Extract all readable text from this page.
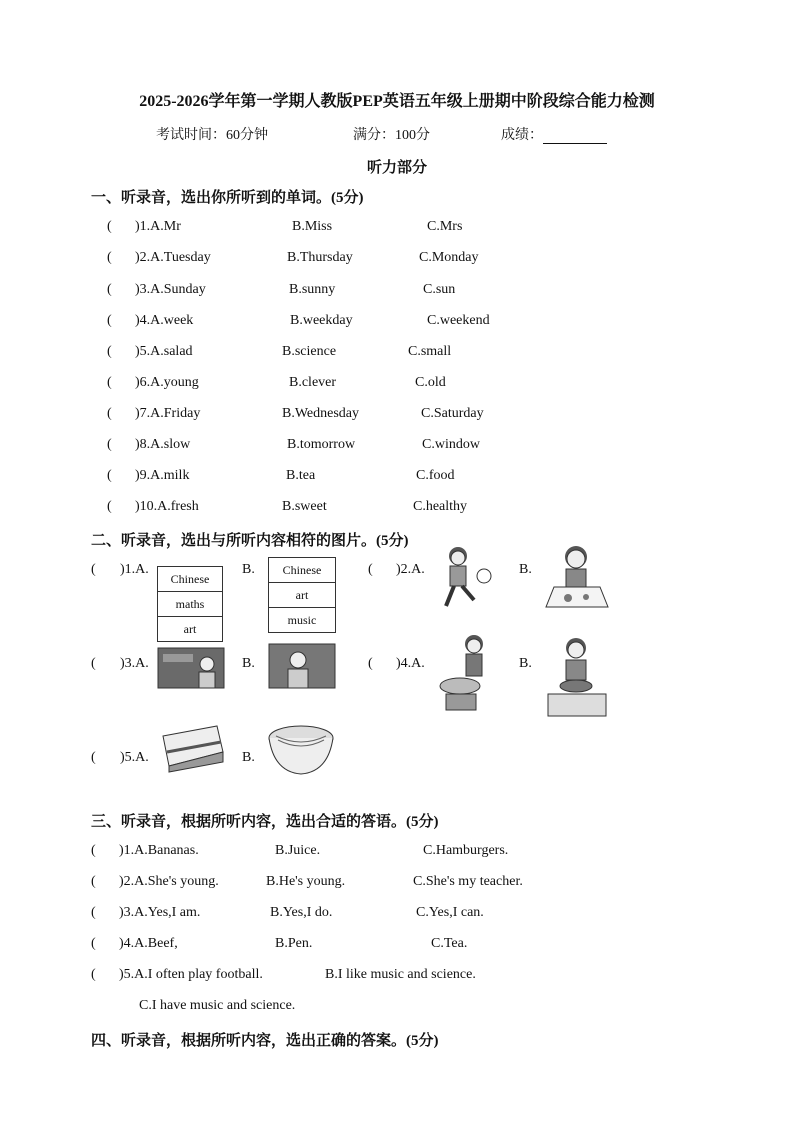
2025-2026学年第一学期人教版PEP英语五年级上册期中阶段综合能力检测
考试时间：60分钟	满分：100分	成绩：
听力部分
一、听录音，选出你所听到的单词。(5分)
( )1.A.Mr	B.Miss	C.Mrs
( )2.A.Tuesday	B.Thursday	C.Monday
( )3.A.Sunday	B.sunny	C.sun
( )4.A.week	B.weekday	C.weekend
( )5.A.salad	B.science	C.small
( )6.A.young	B.clever	C.old
( )7.A.Friday	B.Wednesday	C.Saturday
( )8.A.slow	B.tomorrow	C.window
( )9.A.milk	B.tea	C.food
( )10.A.fresh	B.sweet	C.healthy
二、听录音，选出与所听内容相符的图片。(5分)
( )1.A.
Chinese
maths
art
B.	Chinese
art
music
( )2.A.	B.
( )3.A.	B.	( )4.A.	B.
( )5.A.	B.
三、听录音，根据所听内容，选出合适的答语。(5分)
( )1.A.Bananas.	B.Juice.	C.Hamburgers.
( )2.A.She's young.	B.He's young.	C.She's my teacher.
( )3.A.Yes,I am.	B.Yes,I do.	C.Yes,I can.
( )4.A.Beef,	B.Pen.	C.Tea.
( )5.A.I often play football.	B.I like music and science.
C.I have music and science.
四、听录音，根据所听内容，选出正确的答案。(5分)
